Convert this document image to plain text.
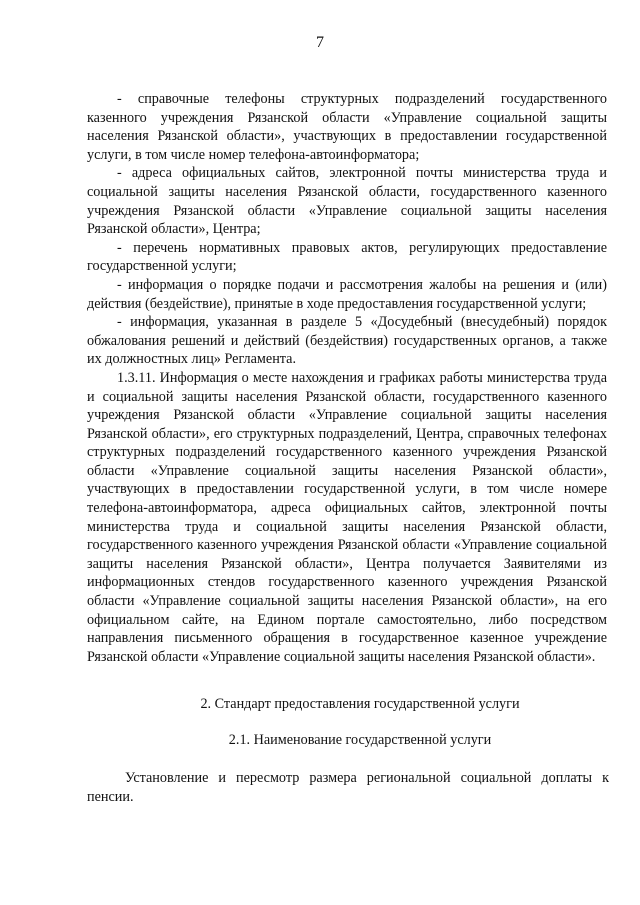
7

- справочные телефоны структурных подразделений государственного казенного учреждения Рязанской области «Управление социальной защиты населения Рязанской области», участвующих в предоставлении государственной услуги, в том числе номер телефона-автоинформатора;

- адреса официальных сайтов, электронной почты министерства труда и социальной защиты населения Рязанской области, государственного казенного учреждения Рязанской области «Управление социальной защиты населения Рязанской области», Центра;

- перечень нормативных правовых актов, регулирующих предоставление государственной услуги;

- информация о порядке подачи и рассмотрения жалобы на решения и (или) действия (бездействие), принятые в ходе предоставления государственной услуги;

- информация, указанная в разделе 5 «Досудебный (внесудебный) порядок обжалования решений и действий (бездействия) государственных органов, а также их должностных лиц» Регламента.

1.3.11. Информация о месте нахождения и графиках работы министерства труда и социальной защиты населения Рязанской области, государственного казенного учреждения Рязанской области «Управление социальной защиты населения Рязанской области», его структурных подразделений, Центра, справочных телефонах структурных подразделений государственного казенного учреждения Рязанской области «Управление социальной защиты населения Рязанской области», участвующих в предоставлении государственной услуги, в том числе номере телефона-автоинформатора, адреса официальных сайтов, электронной почты министерства труда и социальной защиты населения Рязанской области, государственного казенного учреждения Рязанской области «Управление социальной защиты населения Рязанской области», Центра получается Заявителями из информационных стендов государственного казенного учреждения Рязанской области «Управление социальной защиты населения Рязанской области», на его официальном сайте, на Едином портале самостоятельно, либо посредством направления письменного обращения в государственное казенное учреждение Рязанской области «Управление социальной защиты населения Рязанской области».

2. Стандарт предоставления государственной услуги

2.1. Наименование государственной услуги

Установление и пересмотр размера региональной социальной доплаты к пенсии.
